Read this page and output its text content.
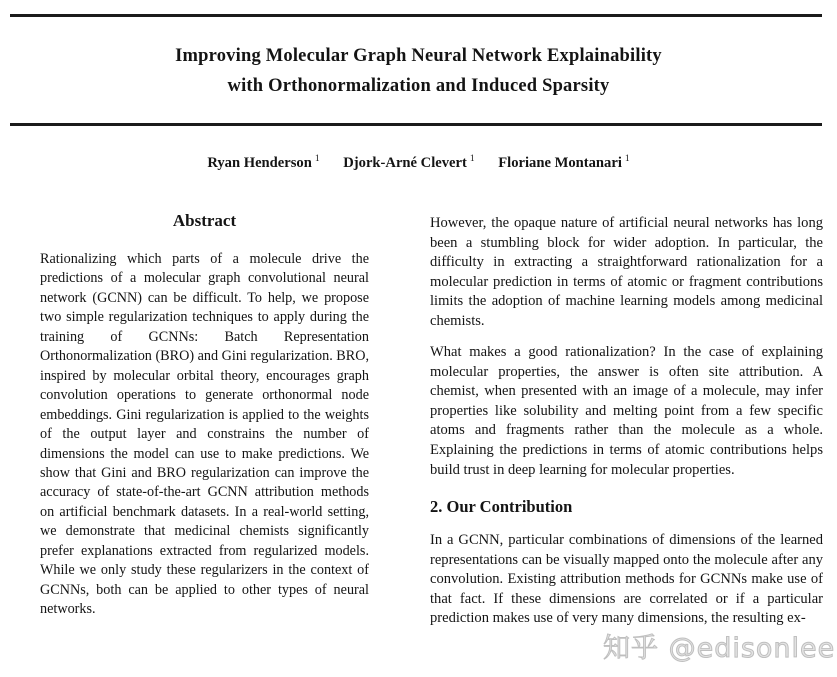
Improving Molecular Graph Neural Network Explainability
with Orthonormalization and Induced Sparsity
Ryan Henderson $^1$ Djork-Arné Clevert $^1$ Floriane Montanari $^1$
Abstract

Rationalizing which parts of a molecule drive the predictions of a molecular graph convolutional neural network (GCNN) can be difficult. To help, we propose two simple regularization techniques to apply during the training of GCNNs: Batch Representation Orthonormalization (BRO) and Gini regularization. BRO, inspired by molecular orbital theory, encourages graph convolution operations to generate orthonormal node embeddings. Gini regularization is applied to the weights of the output layer and constrains the number of dimensions the model can use to make predictions. We show that Gini and BRO regularization can improve the accuracy of state-of-the-art GCNN attribution methods on artificial benchmark datasets. In a real-world setting, we demonstrate that medicinal chemists significantly prefer explanations extracted from regularized models. While we only study these regularizers in the context of GCNNs, both can be applied to other types of neural networks.

However, the opaque nature of artificial neural networks has long been a stumbling block for wider adoption. In particular, the difficulty in extracting a straightforward rationalization for a molecular prediction in terms of atomic or fragment contributions limits the adoption of machine learning models among medicinal chemists.

What makes a good rationalization? In the case of explaining molecular properties, the answer is often site attribution. A chemist, when presented with an image of a molecule, may infer properties like solubility and melting point from a few specific atoms and fragments rather than the molecule as a whole. Explaining the predictions in terms of atomic contributions helps build trust in deep learning for molecular properties.

2. Our Contribution

In a GCNN, particular combinations of dimensions of the learned representations can be visually mapped onto the molecule after any convolution. Existing attribution methods for GCNNs make use of that fact. If these dimensions are correlated or if a particular prediction makes use of very many dimensions, the resulting ex-

知乎 @edisonlee
